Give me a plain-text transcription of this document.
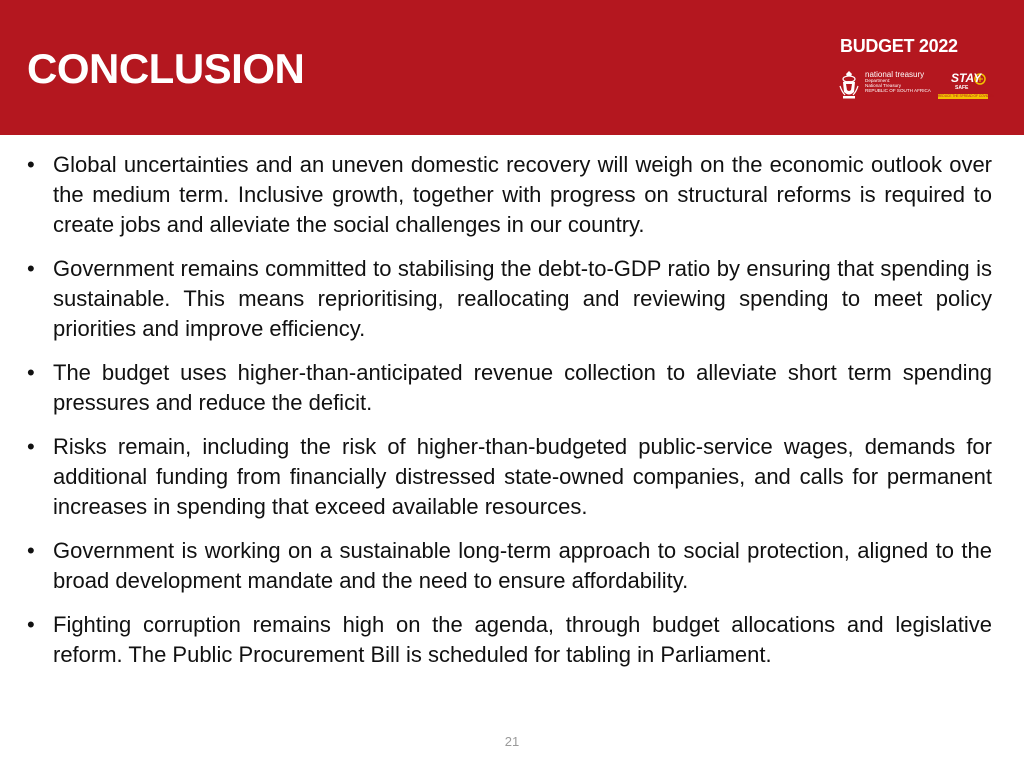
CONCLUSION	BUDGET 2022
national treasury
Department:
National Treasury
REPUBLIC OF SOUTH AFRICA
STAY
SAFE
REDUCE THE SPREAD OF COVID-19
• Global uncertainties and an uneven domestic recovery will weigh on the economic outlook over the medium term. Inclusive growth, together with progress on structural reforms is required to create jobs and alleviate the social challenges in our country.
• Government remains committed to stabilising the debt-to-GDP ratio by ensuring that spending is sustainable. This means reprioritising, reallocating and reviewing spending to meet policy priorities and improve efficiency.
• The budget uses higher-than-anticipated revenue collection to alleviate short term spending pressures and reduce the deficit.
• Risks remain, including the risk of higher-than-budgeted public-service wages, demands for additional funding from financially distressed state-owned companies, and calls for permanent increases in spending that exceed available resources.
• Government is working on a sustainable long-term approach to social protection, aligned to the broad development mandate and the need to ensure affordability.
• Fighting corruption remains high on the agenda, through budget allocations and legislative reform. The Public Procurement Bill is scheduled for tabling in Parliament.
21
